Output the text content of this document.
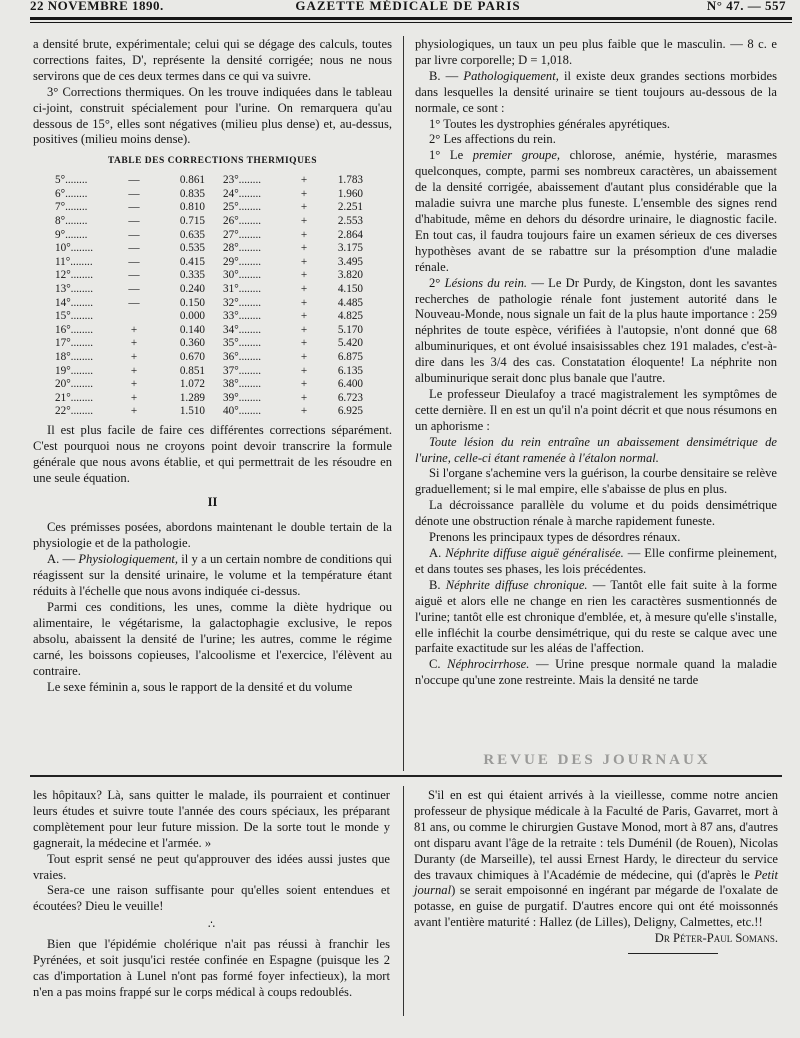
22 NOVEMBRE 1890.	GAZETTE MÉDICALE DE PARIS	N° 47. — 557
REVUE DES JOURNAUX

a densité brute, expérimentale; celui qui se dégage des calculs, toutes corrections faites, D', représente la densité corrigée; nous ne nous servirons que de ces deux termes dans ce qui va suivre.

3° Corrections thermiques. On les trouve indiquées dans le tableau ci-joint, construit spécialement pour l'urine. On remarquera qu'au dessous de 15°, elles sont négatives (milieu plus dense) et, au-dessus, positives (milieu moins dense).

TABLE DES CORRECTIONS THERMIQUES
5°........	—	0.861	23°........	+	1.783
6°........	—	0.835	24°........	+	1.960
7°........	—	0.810	25°........	+	2.251
8°........	—	0.715	26°........	+	2.553
9°........	—	0.635	27°........	+	2.864
10°........	—	0.535	28°........	+	3.175
11°........	—	0.415	29°........	+	3.495
12°........	—	0.335	30°........	+	3.820
13°........	—	0.240	31°........	+	4.150
14°........	—	0.150	32°........	+	4.485
15°........		0.000	33°........	+	4.825
16°........	+	0.140	34°........	+	5.170
17°........	+	0.360	35°........	+	5.420
18°........	+	0.670	36°........	+	6.875
19°........	+	0.851	37°........	+	6.135
20°........	+	1.072	38°........	+	6.400
21°........	+	1.289	39°........	+	6.723
22°........	+	1.510	40°........	+	6.925

Il est plus facile de faire ces différentes corrections séparément. C'est pourquoi nous ne croyons point devoir transcrire la formule générale que nous avons établie, et qui permettrait de les résoudre en une seule équation.

II

Ces prémisses posées, abordons maintenant le double tertain de la physiologie et de la pathologie.

A. — Physiologiquement, il y a un certain nombre de conditions qui réagissent sur la densité urinaire, le volume et la température étant réduits à l'échelle que nous avons indiquée ci-dessus.

Parmi ces conditions, les unes, comme la diète hydrique ou alimentaire, le végétarisme, la galactophagie exclusive, le repos absolu, abaissent la densité de l'urine; les autres, comme le régime carné, les boissons copieuses, l'alcoolisme et l'exercice, l'élèvent au contraire.

Le sexe féminin a, sous le rapport de la densité et du volume

physiologiques, un taux un peu plus faible que le masculin. — 8 c. e par livre corporelle; D = 1,018.

B. — Pathologiquement, il existe deux grandes sections morbides dans lesquelles la densité urinaire se tient toujours au-dessous de la normale, ce sont :

1° Toutes les dystrophies générales apyrétiques.

2° Les affections du rein.

1° Le premier groupe, chlorose, anémie, hystérie, marasmes quelconques, compte, parmi ses nombreux caractères, un abaissement de la densité corrigée, abaissement d'autant plus considérable que la maladie suivra une marche plus funeste. L'ensemble des signes rend d'habitude, même en dehors du désordre urinaire, le diagnostic facile. En tout cas, il faudra toujours faire un examen sérieux de ces diverses hypothèses avant de se rabattre sur la présomption d'une maladie rénale.

2° Lésions du rein. — Le Dr Purdy, de Kingston, dont les savantes recherches de pathologie rénale font justement autorité dans le Nouveau-Monde, nous signale un fait de la plus haute importance : 259 néphrites de toute espèce, vérifiées à l'autopsie, n'ont donné que 68 albuminuriques, et ont évolué insaisissables chez 191 malades, c'est-à-dire dans les 3/4 des cas. Constatation éloquente! La néphrite non albuminurique serait donc plus banale que l'autre.

Le professeur Dieulafoy a tracé magistralement les symptômes de cette dernière. Il en est un qu'il n'a point décrit et que nous résumons en un aphorisme :

Toute lésion du rein entraîne un abaissement densimétrique de l'urine, celle-ci étant ramenée à l'étalon normal.

Si l'organe s'achemine vers la guérison, la courbe densitaire se relève graduellement; si le mal empire, elle s'abaisse de plus en plus.

La décroissance parallèle du volume et du poids densimétrique dénote une obstruction rénale à marche rapidement funeste.

Prenons les principaux types de désordres rénaux.

A. Néphrite diffuse aiguë généralisée. — Elle confirme pleinement, et dans toutes ses phases, les lois précédentes.

B. Néphrite diffuse chronique. — Tantôt elle fait suite à la forme aiguë et alors elle ne change en rien les caractères susmentionnés de l'urine; tantôt elle est chronique d'emblée, et, à mesure qu'elle s'installe, elle infléchit la courbe densimétrique, qui du reste se calque avec une parfaite exactitude sur les aléas de l'affection.

C. Néphrocirrhose. — Urine presque normale quand la maladie n'occupe qu'une zone restreinte. Mais la densité ne tarde

les hôpitaux? Là, sans quitter le malade, ils pourraient et continuer leurs études et suivre toute l'année des cours spéciaux, les préparant complètement pour leur future mission. De la sorte tout le monde y gagnerait, la médecine et l'armée. »

Tout esprit sensé ne peut qu'approuver des idées aussi justes que vraies.

Sera-ce une raison suffisante pour qu'elles soient entendues et écoutées? Dieu le veuille!

∴

Bien que l'épidémie cholérique n'ait pas réussi à franchir les Pyrénées, et soit jusqu'ici restée confinée en Espagne (puisque les 2 cas d'importation à Lunel n'ont pas formé foyer infectieux), la mort n'en a pas moins frappé sur le corps médical à coups redoublés.

S'il en est qui étaient arrivés à la vieillesse, comme notre ancien professeur de physique médicale à la Faculté de Paris, Gavarret, mort à 81 ans, ou comme le chirurgien Gustave Monod, mort à 87 ans, d'autres ont disparu avant l'âge de la retraite : tels Duménil (de Rouen), Nicolas Duranty (de Marseille), tel aussi Ernest Hardy, le directeur du service des travaux chimiques à l'Académie de médecine, qui (d'après le Petit journal) se serait empoisonné en ingérant par mégarde de l'oxalate de potasse, en guise de purgatif. D'autres encore qui ont été moissonnés avant l'entière maturité : Hallez (de Lilles), Deligny, Calmettes, etc.!!

Dr Péter-Paul Somans.
